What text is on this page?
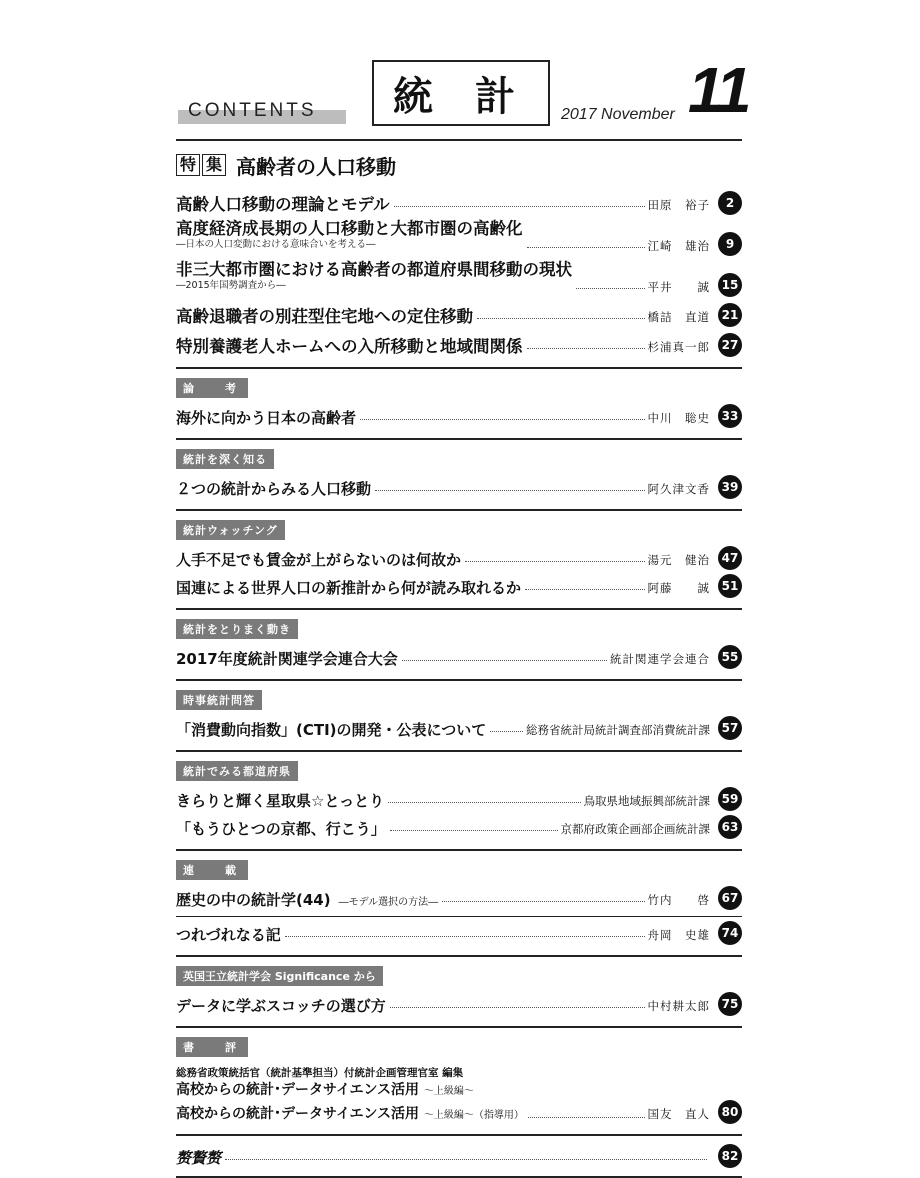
CONTENTS	統 計	2017 November 11
特 集 高齢者の人口移動
高齢人口移動の理論とモデル	田原　裕子	2
高度経済成長期の人口移動と大都市圏の高齢化
―日本の人口変動における意味合いを考える―	江崎　雄治	9
非三大都市圏における高齢者の都道府県間移動の現状
―2015年国勢調査から―	平井　　誠 15
高齢退職者の別荘型住宅地への定住移動	橋詰　直道 21
特別養護老人ホームへの入所移動と地域間関係	杉浦真一郎 27
論　考
海外に向かう日本の高齢者	中川　聡史 33
統計を深く知る
２つの統計からみる人口移動	阿久津文香 39
統計ウォッチング
人手不足でも賃金が上がらないのは何故か	湯元　健治 47
国連による世界人口の新推計から何が読み取れるか	阿藤　　誠 51
統計をとりまく動き
2017年度統計関連学会連合大会	統計関連学会連合 55
時事統計問答
「消費動向指数」(CTI)の開発・公表について	総務省統計局統計調査部消費統計課 57
統計でみる都道府県
きらりと輝く星取県☆とっとり	鳥取県地域振興部統計課 59
「もうひとつの京都、行こう」	京都府政策企画部企画統計課 63
連　載
歴史の中の統計学(44) ―モデル選択の方法―	竹内　　啓 67
つれづれなる記	舟岡　史雄 74
英国王立統計学会 Significance から
データに学ぶスコッチの選び方	中村耕太郎 75
書　評
総務省政策統括官（統計基準担当）付統計企画管理官室 編集
高校からの統計･データサイエンス活用 ～上級編～
高校からの統計･データサイエンス活用 ～上級編～（指導用）	国友　直人 80
赘贅赘	82
